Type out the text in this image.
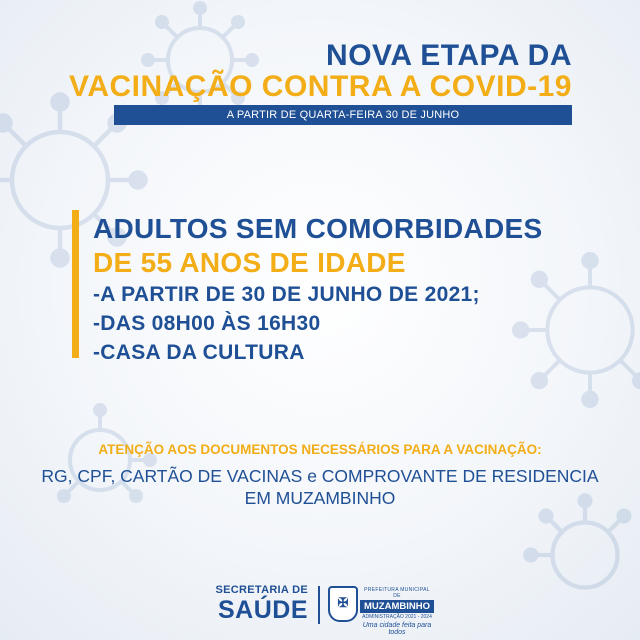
NOVA ETAPA DA
VACINAÇÃO CONTRA A COVID-19
A PARTIR DE QUARTA-FEIRA 30 DE JUNHO
ADULTOS SEM COMORBIDADES
DE 55 ANOS DE IDADE
-A PARTIR DE 30 DE JUNHO DE 2021;
-DAS 08H00 ÀS 16H30
-CASA DA CULTURA
ATENÇÃO AOS DOCUMENTOS NECESSÁRIOS PARA A VACINAÇÃO:
RG, CPF, CARTÃO DE VACINAS e COMPROVANTE DE RESIDENCIA
EM MUZAMBINHO
SECRETARIA DE
SAÚDE	✠
PREFEITURA MUNICIPAL DE
MUZAMBINHO
ADMINISTRAÇÃO 2021 - 2024
Uma cidade feita para todos
